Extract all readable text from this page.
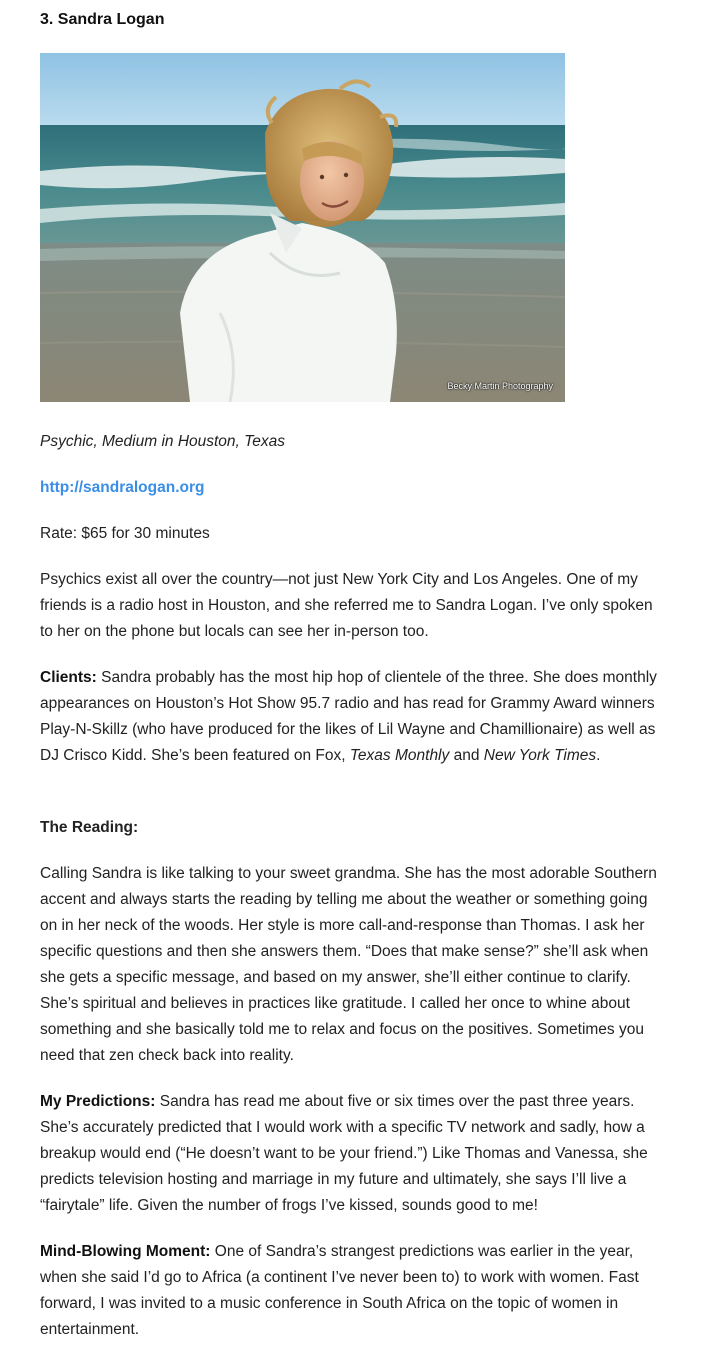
3. Sandra Logan
Becky Martin Photography

Psychic, Medium in Houston, Texas

http://sandralogan.org

Rate: $65 for 30 minutes

Psychics exist all over the country—not just New York City and Los Angeles. One of my friends is a radio host in Houston, and she referred me to Sandra Logan. I’ve only spoken to her on the phone but locals can see her in-person too.

Clients: Sandra probably has the most hip hop of clientele of the three. She does monthly appearances on Houston’s Hot Show 95.7 radio and has read for Grammy Award winners Play-N-Skillz (who have produced for the likes of Lil Wayne and Chamillionaire) as well as DJ Crisco Kidd. She’s been featured on Fox, Texas Monthly and New York Times.

The Reading:

Calling Sandra is like talking to your sweet grandma. She has the most adorable Southern accent and always starts the reading by telling me about the weather or something going on in her neck of the woods. Her style is more call-and-response than Thomas. I ask her specific questions and then she answers them. “Does that make sense?” she’ll ask when she gets a specific message, and based on my answer, she’ll either continue to clarify. She’s spiritual and believes in practices like gratitude. I called her once to whine about something and she basically told me to relax and focus on the positives. Sometimes you need that zen check back into reality.

My Predictions: Sandra has read me about five or six times over the past three years. She’s accurately predicted that I would work with a specific TV network and sadly, how a breakup would end (“He doesn’t want to be your friend.”) Like Thomas and Vanessa, she predicts television hosting and marriage in my future and ultimately, she says I’ll live a “fairytale” life. Given the number of frogs I’ve kissed, sounds good to me!

Mind-Blowing Moment: One of Sandra’s strangest predictions was earlier in the year, when she said I’d go to Africa (a continent I’ve never been to) to work with women. Fast forward, I was invited to a music conference in South Africa on the topic of women in entertainment.
